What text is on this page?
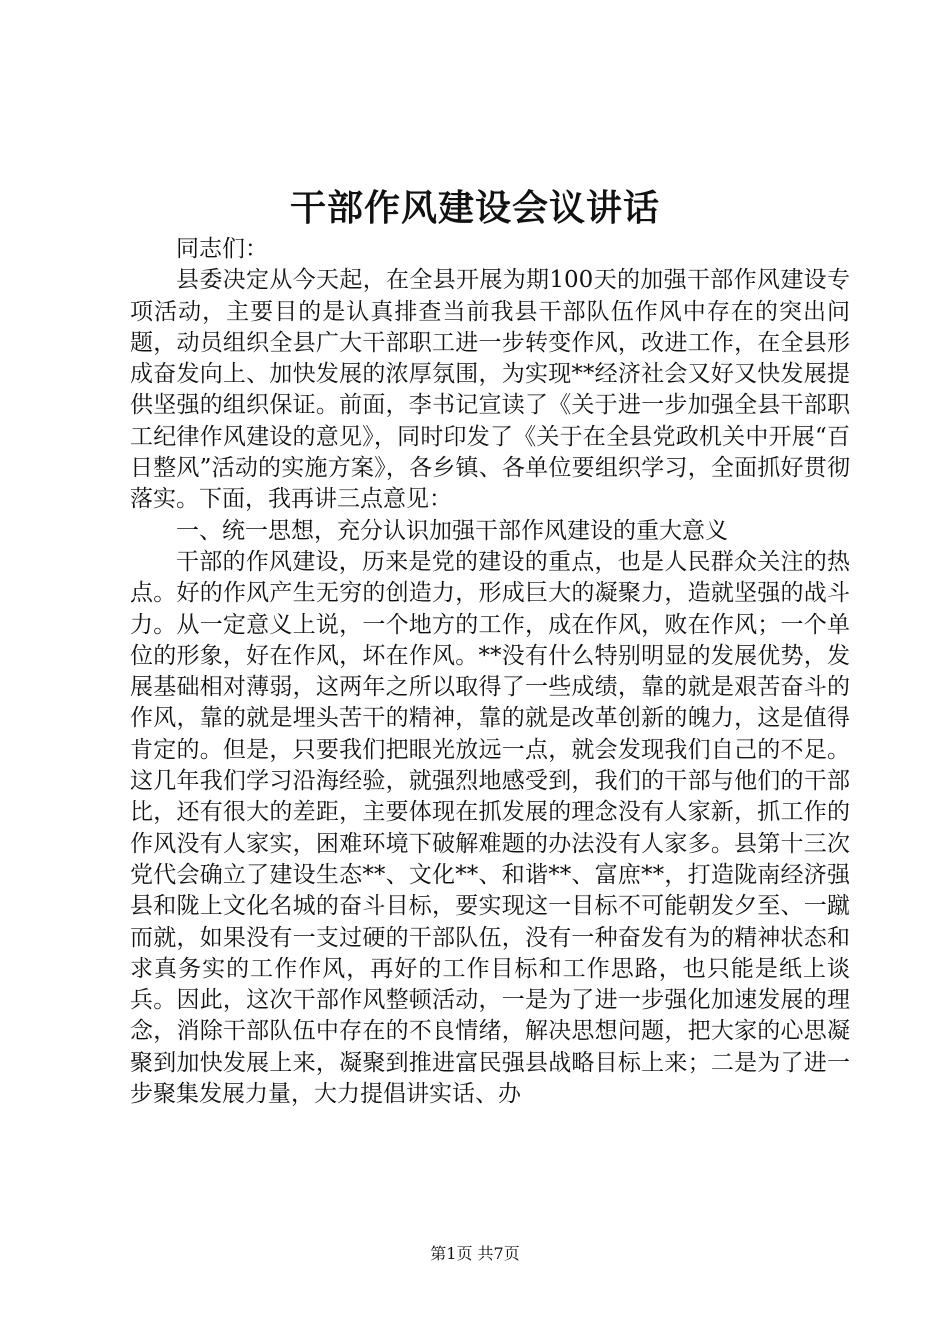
干部作风建设会议讲话

同志们：

县委决定从今天起，在全县开展为期100天的加强干部作风建设专项活动，主要目的是认真排查当前我县干部队伍作风中存在的突出问题，动员组织全县广大干部职工进一步转变作风，改进工作，在全县形成奋发向上、加快发展的浓厚氛围，为实现**经济社会又好又快发展提供坚强的组织保证。前面，李书记宣读了《关于进一步加强全县干部职工纪律作风建设的意见》，同时印发了《关于在全县党政机关中开展“百日整风”活动的实施方案》，各乡镇、各单位要组织学习，全面抓好贯彻落实。下面，我再讲三点意见：

一、统一思想，充分认识加强干部作风建设的重大意义

干部的作风建设，历来是党的建设的重点，也是人民群众关注的热点。好的作风产生无穷的创造力，形成巨大的凝聚力，造就坚强的战斗力。从一定意义上说，一个地方的工作，成在作风，败在作风；一个单位的形象，好在作风，坏在作风。**没有什么特别明显的发展优势，发展基础相对薄弱，这两年之所以取得了一些成绩，靠的就是艰苦奋斗的作风，靠的就是埋头苦干的精神，靠的就是改革创新的魄力，这是值得肯定的。但是，只要我们把眼光放远一点，就会发现我们自己的不足。这几年我们学习沿海经验，就强烈地感受到，我们的干部与他们的干部比，还有很大的差距，主要体现在抓发展的理念没有人家新，抓工作的作风没有人家实，困难环境下破解难题的办法没有人家多。县第十三次党代会确立了建设生态**、文化**、和谐**、富庶**，打造陇南经济强县和陇上文化名城的奋斗目标，要实现这一目标不可能朝发夕至、一蹴而就，如果没有一支过硬的干部队伍，没有一种奋发有为的精神状态和求真务实的工作作风，再好的工作目标和工作思路，也只能是纸上谈兵。因此，这次干部作风整顿活动，一是为了进一步强化加速发展的理念，消除干部队伍中存在的不良情绪，解决思想问题，把大家的心思凝聚到加快发展上来，凝聚到推进富民强县战略目标上来；二是为了进一步聚集发展力量，大力提倡讲实话、办

第1页 共7页
